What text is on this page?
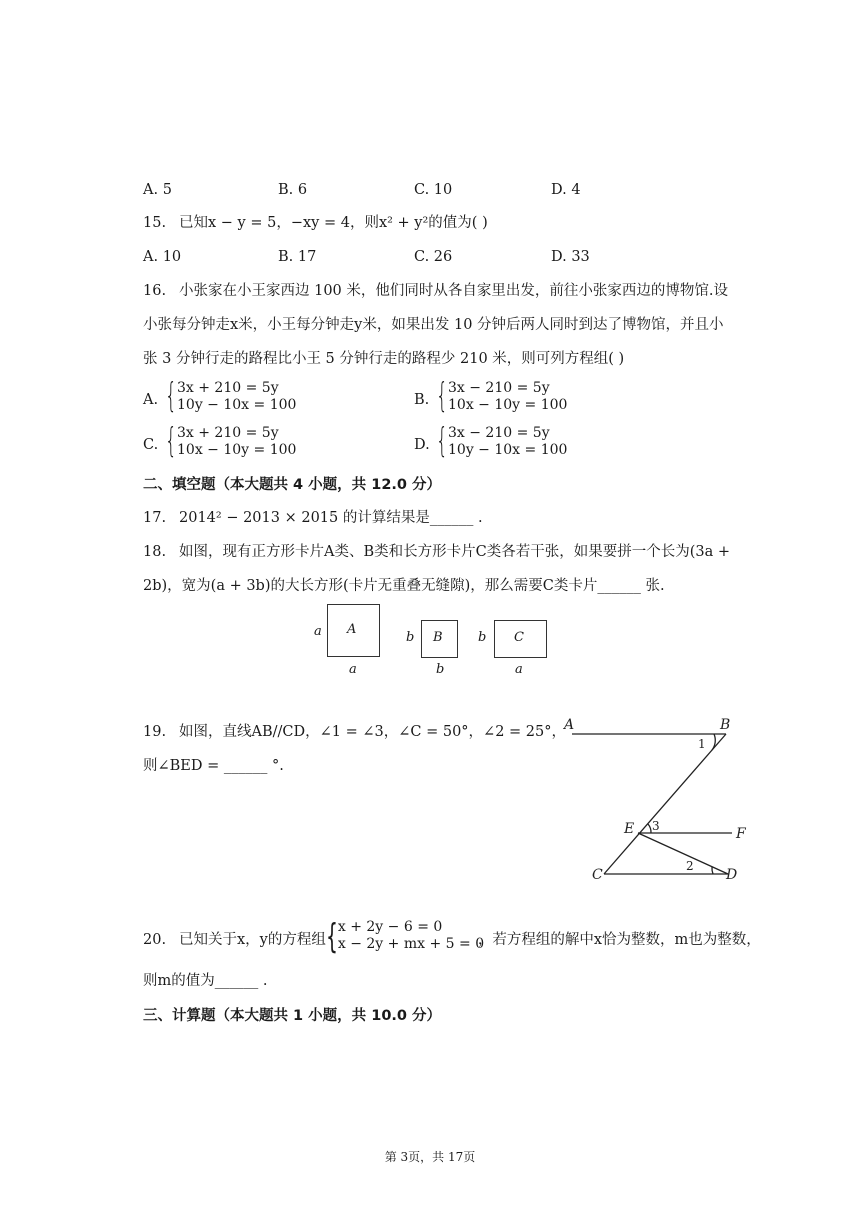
A. 5	B. 6	C. 10	D. 4
15. 已知x − y = 5，−xy = 4，则x² + y²的值为( )
A. 10	B. 17	C. 26	D. 33
16. 小张家在小王家西边 100 米，他们同时从各自家里出发，前往小张家西边的博物馆.设
小张每分钟走x米，小王每分钟走y米，如果出发 10 分钟后两人同时到达了博物馆，并且小
张 3 分钟行走的路程比小王 5 分钟行走的路程少 210 米，则可列方程组( )
A. { 3x + 210 = 5y
10y − 10x = 100	B. { 3x − 210 = 5y
10x − 10y = 100
C. { 3x + 210 = 5y
10x − 10y = 100	D. { 3x − 210 = 5y
10y − 10x = 100
二、填空题（本大题共 4 小题，共 12.0 分）
17. 2014² − 2013 × 2015 的计算结果是______ .
18. 如图，现有正方形卡片A类、B类和长方形卡片C类各若干张，如果要拼一个长为(3a +
2b)，宽为(a + 3b)的大长方形(卡片无重叠无缝隙)，那么需要C类卡片______ 张.
a A
a
b B
b
b C
a
19. 如图，直线AB//CD，∠1 = ∠3，∠C = 50°，∠2 = 25°，
则∠BED = ______ °.
A	B
C	D
E	F
1
3
2
20. 已知关于x，y的方程组 { x + 2y − 6 = 0
x − 2y + mx + 5 = 0
，若方程组的解中x恰为整数，m也为整数，
则m的值为______ .
三、计算题（本大题共 1 小题，共 10.0 分）
第 3页，共 17页
